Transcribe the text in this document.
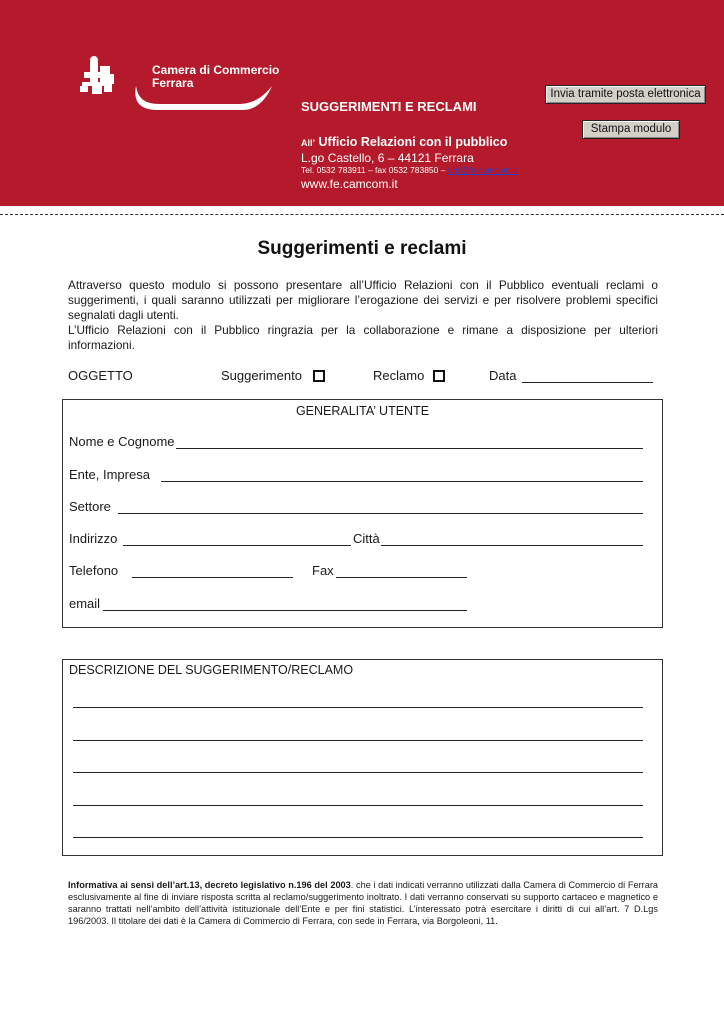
Camera di Commercio
Ferrara
SUGGERIMENTI E RECLAMI
All’ Ufficio Relazioni con il pubblico
L.go Castello, 6 – 44121 Ferrara
Tel. 0532 783911 – fax 0532 783850 – urp@fe.camcom.it
www.fe.camcom.it
Invia tramite posta elettronica
Stampa modulo
Suggerimenti e reclami

Attraverso questo modulo si possono presentare all’Ufficio Relazioni con il Pubblico eventuali reclami o suggerimenti, i quali saranno utilizzati per migliorare l’erogazione dei servizi e per risolvere problemi specifici segnalati dagli utenti.

L’Ufficio Relazioni con il Pubblico ringrazia per la collaborazione e rimane a disposizione per ulteriori informazioni.

OGGETTO	Suggerimento	Reclamo	Data
GENERALITA’ UTENTE
Nome e Cognome
Ente, Impresa
Settore
Indirizzo	Città
Telefono	Fax
email
DESCRIZIONE DEL SUGGERIMENTO/RECLAMO
Informativa ai sensi dell’art.13, decreto legislativo n.196 del 2003. che i dati indicati verranno utilizzati dalla Camera di Commercio di Ferrara esclusivamente al fine di inviare risposta scritta al reclamo/suggerimento inoltrato. I dati verranno conservati su supporto cartaceo e magnetico e saranno trattati nell’ambito dell’attività istituzionale dell’Ente e per fini statistici. L’interessato potrà esercitare i diritti di cui all’art. 7 D.Lgs 196/2003. Il titolare dei dati è la Camera di Commercio di Ferrara, con sede in Ferrara, via Borgoleoni, 11.
